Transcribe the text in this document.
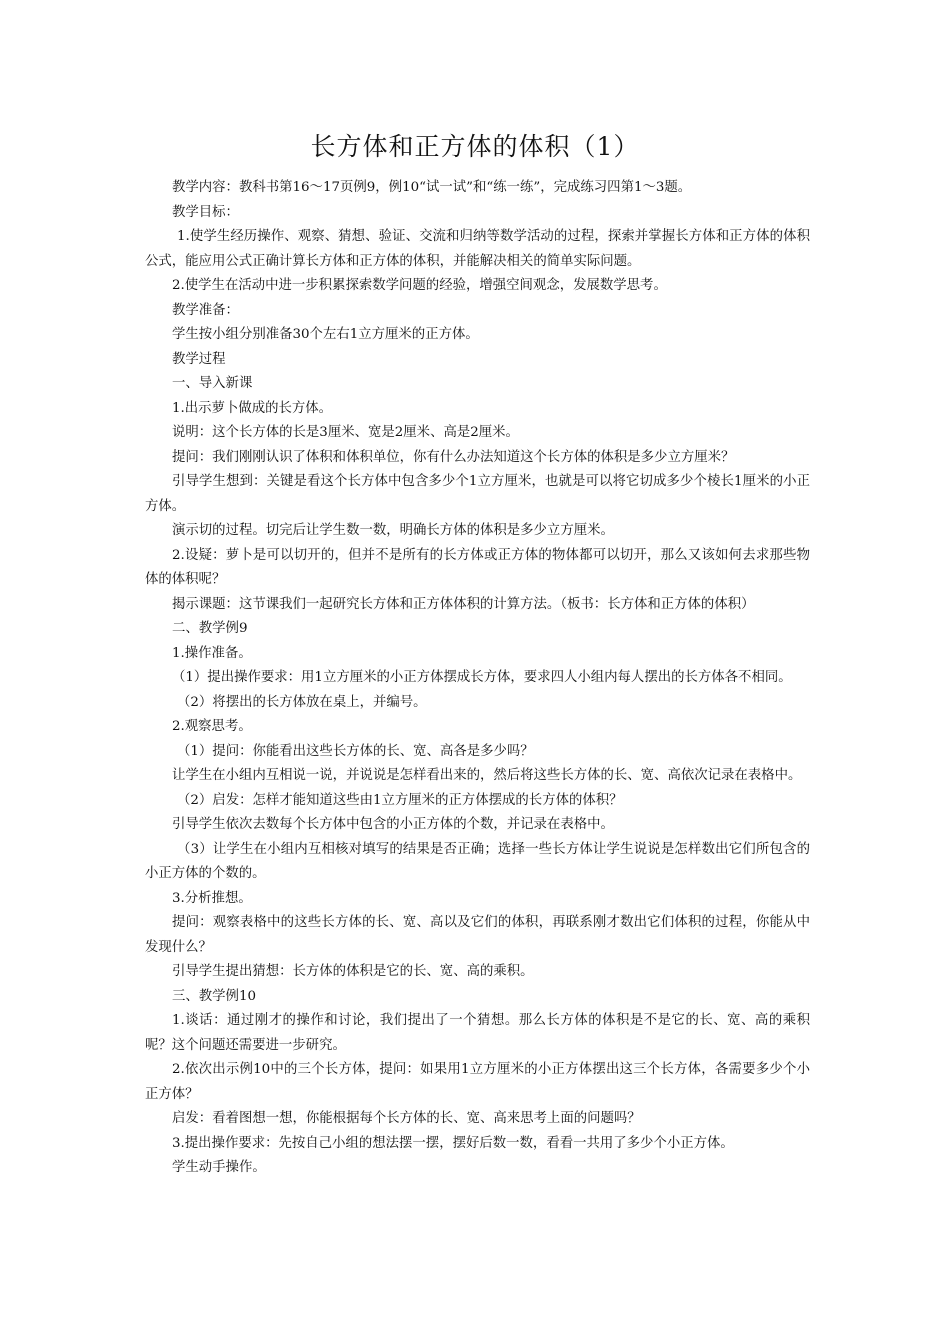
长方体和正方体的体积（1）

教学内容：教科书第16～17页例9，例10“试一试”和“练一练”，完成练习四第1～3题。

教学目标：

1.使学生经历操作、观察、猜想、验证、交流和归纳等数学活动的过程，探索并掌握长方体和正方体的体积公式，能应用公式正确计算长方体和正方体的体积，并能解决相关的简单实际问题。

2.使学生在活动中进一步积累探索数学问题的经验，增强空间观念，发展数学思考。

教学准备：

学生按小组分别准备30个左右1立方厘米的正方体。

教学过程

一、导入新课

1.出示萝卜做成的长方体。

说明：这个长方体的长是3厘米、宽是2厘米、高是2厘米。

提问：我们刚刚认识了体积和体积单位，你有什么办法知道这个长方体的体积是多少立方厘米？

引导学生想到：关键是看这个长方体中包含多少个1立方厘米，也就是可以将它切成多少个棱长1厘米的小正方体。

演示切的过程。切完后让学生数一数，明确长方体的体积是多少立方厘米。

2.设疑：萝卜是可以切开的，但并不是所有的长方体或正方体的物体都可以切开，那么又该如何去求那些物体的体积呢？

揭示课题：这节课我们一起研究长方体和正方体体积的计算方法。（板书：长方体和正方体的体积）

二、教学例9

1.操作准备。

（1）提出操作要求：用1立方厘米的小正方体摆成长方体，要求四人小组内每人摆出的长方体各不相同。

（2）将摆出的长方体放在桌上，并编号。

2.观察思考。

（1）提问：你能看出这些长方体的长、宽、高各是多少吗？

让学生在小组内互相说一说，并说说是怎样看出来的，然后将这些长方体的长、宽、高依次记录在表格中。

（2）启发：怎样才能知道这些由1立方厘米的正方体摆成的长方体的体积？

引导学生依次去数每个长方体中包含的小正方体的个数，并记录在表格中。

（3）让学生在小组内互相核对填写的结果是否正确；选择一些长方体让学生说说是怎样数出它们所包含的小正方体的个数的。

3.分析推想。

提问：观察表格中的这些长方体的长、宽、高以及它们的体积，再联系刚才数出它们体积的过程，你能从中发现什么？

引导学生提出猜想：长方体的体积是它的长、宽、高的乘积。

三、教学例10

1.谈话：通过刚才的操作和讨论，我们提出了一个猜想。那么长方体的体积是不是它的长、宽、高的乘积呢？这个问题还需要进一步研究。

2.依次出示例10中的三个长方体，提问：如果用1立方厘米的小正方体摆出这三个长方体，各需要多少个小正方体？

启发：看着图想一想，你能根据每个长方体的长、宽、高来思考上面的问题吗？

3.提出操作要求：先按自己小组的想法摆一摆，摆好后数一数，看看一共用了多少个小正方体。

学生动手操作。
